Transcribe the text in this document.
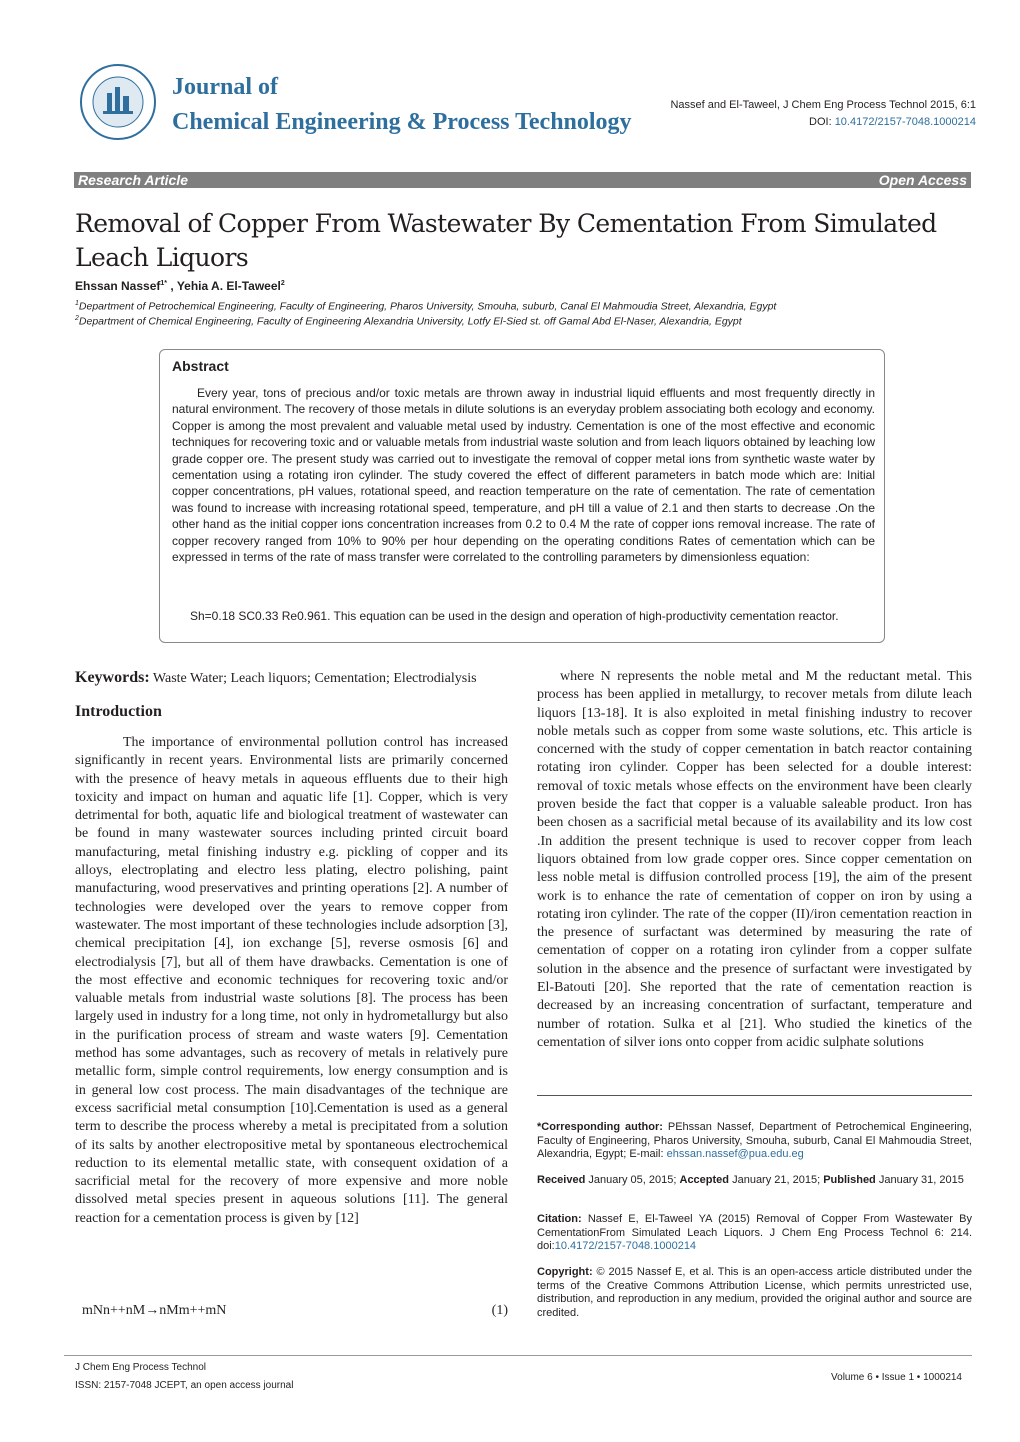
Journal of
Chemical Engineering & Process Technology
Nassef and El-Taweel, J Chem Eng Process Technol 2015, 6:1
DOI: 10.4172/2157-7048.1000214
Research Article	Open Access
Removal of Copper From Wastewater By Cementation From Simulated Leach Liquors
Ehssan Nassef$^{1*}$ , Yehia A. El-Taweel$^2$
$^1$Department of Petrochemical Engineering, Faculty of Engineering, Pharos University, Smouha, suburb, Canal El Mahmoudia Street, Alexandria, Egypt
$^2$Department of Chemical Engineering, Faculty of Engineering Alexandria University, Lotfy El-Sied st. off Gamal Abd El-Naser, Alexandria, Egypt
Abstract
Every year, tons of precious and/or toxic metals are thrown away in industrial liquid effluents and most frequently directly in natural environment. The recovery of those metals in dilute solutions is an everyday problem associating both ecology and economy. Copper is among the most prevalent and valuable metal used by industry. Cementation is one of the most effective and economic techniques for recovering toxic and or valuable metals from industrial waste solution and from leach liquors obtained by leaching low grade copper ore. The present study was carried out to investigate the removal of copper metal ions from synthetic waste water by cementation using a rotating iron cylinder. The study covered the effect of different parameters in batch mode which are: Initial copper concentrations, pH values, rotational speed, and reaction temperature on the rate of cementation. The rate of cementation was found to increase with increasing rotational speed, temperature, and pH till a value of 2.1 and then starts to decrease .On the other hand as the initial copper ions concentration increases from 0.2 to 0.4 M the rate of copper ions removal increase. The rate of copper recovery ranged from 10% to 90% per hour depending on the operating conditions Rates of cementation which can be expressed in terms of the rate of mass transfer were correlated to the controlling parameters by dimensionless equation:
Sh=0.18 SC0.33 Re0.961. This equation can be used in the design and operation of high-productivity cementation reactor.
Keywords: Waste Water; Leach liquors; Cementation; Electrodialysis
Introduction
The importance of environmental pollution control has increased significantly in recent years. Environmental lists are primarily concerned with the presence of heavy metals in aqueous effluents due to their high toxicity and impact on human and aquatic life [1]. Copper, which is very detrimental for both, aquatic life and biological treatment of wastewater can be found in many wastewater sources including printed circuit board manufacturing, metal finishing industry e.g. pickling of copper and its alloys, electroplating and electro less plating, electro polishing, paint manufacturing, wood preservatives and printing operations [2]. A number of technologies were developed over the years to remove copper from wastewater. The most important of these technologies include adsorption [3], chemical precipitation [4], ion exchange [5], reverse osmosis [6] and electrodialysis [7], but all of them have drawbacks. Cementation is one of the most effective and economic techniques for recovering toxic and/or valuable metals from industrial waste solutions [8]. The process has been largely used in industry for a long time, not only in hydrometallurgy but also in the purification process of stream and waste waters [9]. Cementation method has some advantages, such as recovery of metals in relatively pure metallic form, simple control requirements, low energy consumption and is in general low cost process. The main disadvantages of the technique are excess sacrificial metal consumption [10].Cementation is used as a general term to describe the process whereby a metal is precipitated from a solution of its salts by another electropositive metal by spontaneous electrochemical reduction to its elemental metallic state, with consequent oxidation of a sacrificial metal for the recovery of more expensive and more noble dissolved metal species present in aqueous solutions [11]. The general reaction for a cementation process is given by [12]
mNn++nM→nMm++mN	(1)
where N represents the noble metal and M the reductant metal. This process has been applied in metallurgy, to recover metals from dilute leach liquors [13-18]. It is also exploited in metal finishing industry to recover noble metals such as copper from some waste solutions, etc. This article is concerned with the study of copper cementation in batch reactor containing rotating iron cylinder. Copper has been selected for a double interest: removal of toxic metals whose effects on the environment have been clearly proven beside the fact that copper is a valuable saleable product. Iron has been chosen as a sacrificial metal because of its availability and its low cost .In addition the present technique is used to recover copper from leach liquors obtained from low grade copper ores. Since copper cementation on less noble metal is diffusion controlled process [19], the aim of the present work is to enhance the rate of cementation of copper on iron by using a rotating iron cylinder. The rate of the copper (II)/iron cementation reaction in the presence of surfactant was determined by measuring the rate of cementation of copper on a rotating iron cylinder from a copper sulfate solution in the absence and the presence of surfactant were investigated by El-Batouti [20]. She reported that the rate of cementation reaction is decreased by an increasing concentration of surfactant, temperature and number of rotation. Sulka et al [21]. Who studied the kinetics of the cementation of silver ions onto copper from acidic sulphate solutions
*Corresponding author: PEhssan Nassef, Department of Petrochemical Engineering, Faculty of Engineering, Pharos University, Smouha, suburb, Canal El Mahmoudia Street, Alexandria, Egypt; E-mail: ehssan.nassef@pua.edu.eg
Received January 05, 2015; Accepted January 21, 2015; Published January 31, 2015
Citation: Nassef E, El-Taweel YA (2015) Removal of Copper From Wastewater By CementationFrom Simulated Leach Liquors. J Chem Eng Process Technol 6: 214. doi:10.4172/2157-7048.1000214
Copyright: © 2015 Nassef E, et al. This is an open-access article distributed under the terms of the Creative Commons Attribution License, which permits unrestricted use, distribution, and reproduction in any medium, provided the original author and source are credited.
J Chem Eng Process Technol
ISSN: 2157-7048 JCEPT, an open access journal
Volume 6 • Issue 1 • 1000214
